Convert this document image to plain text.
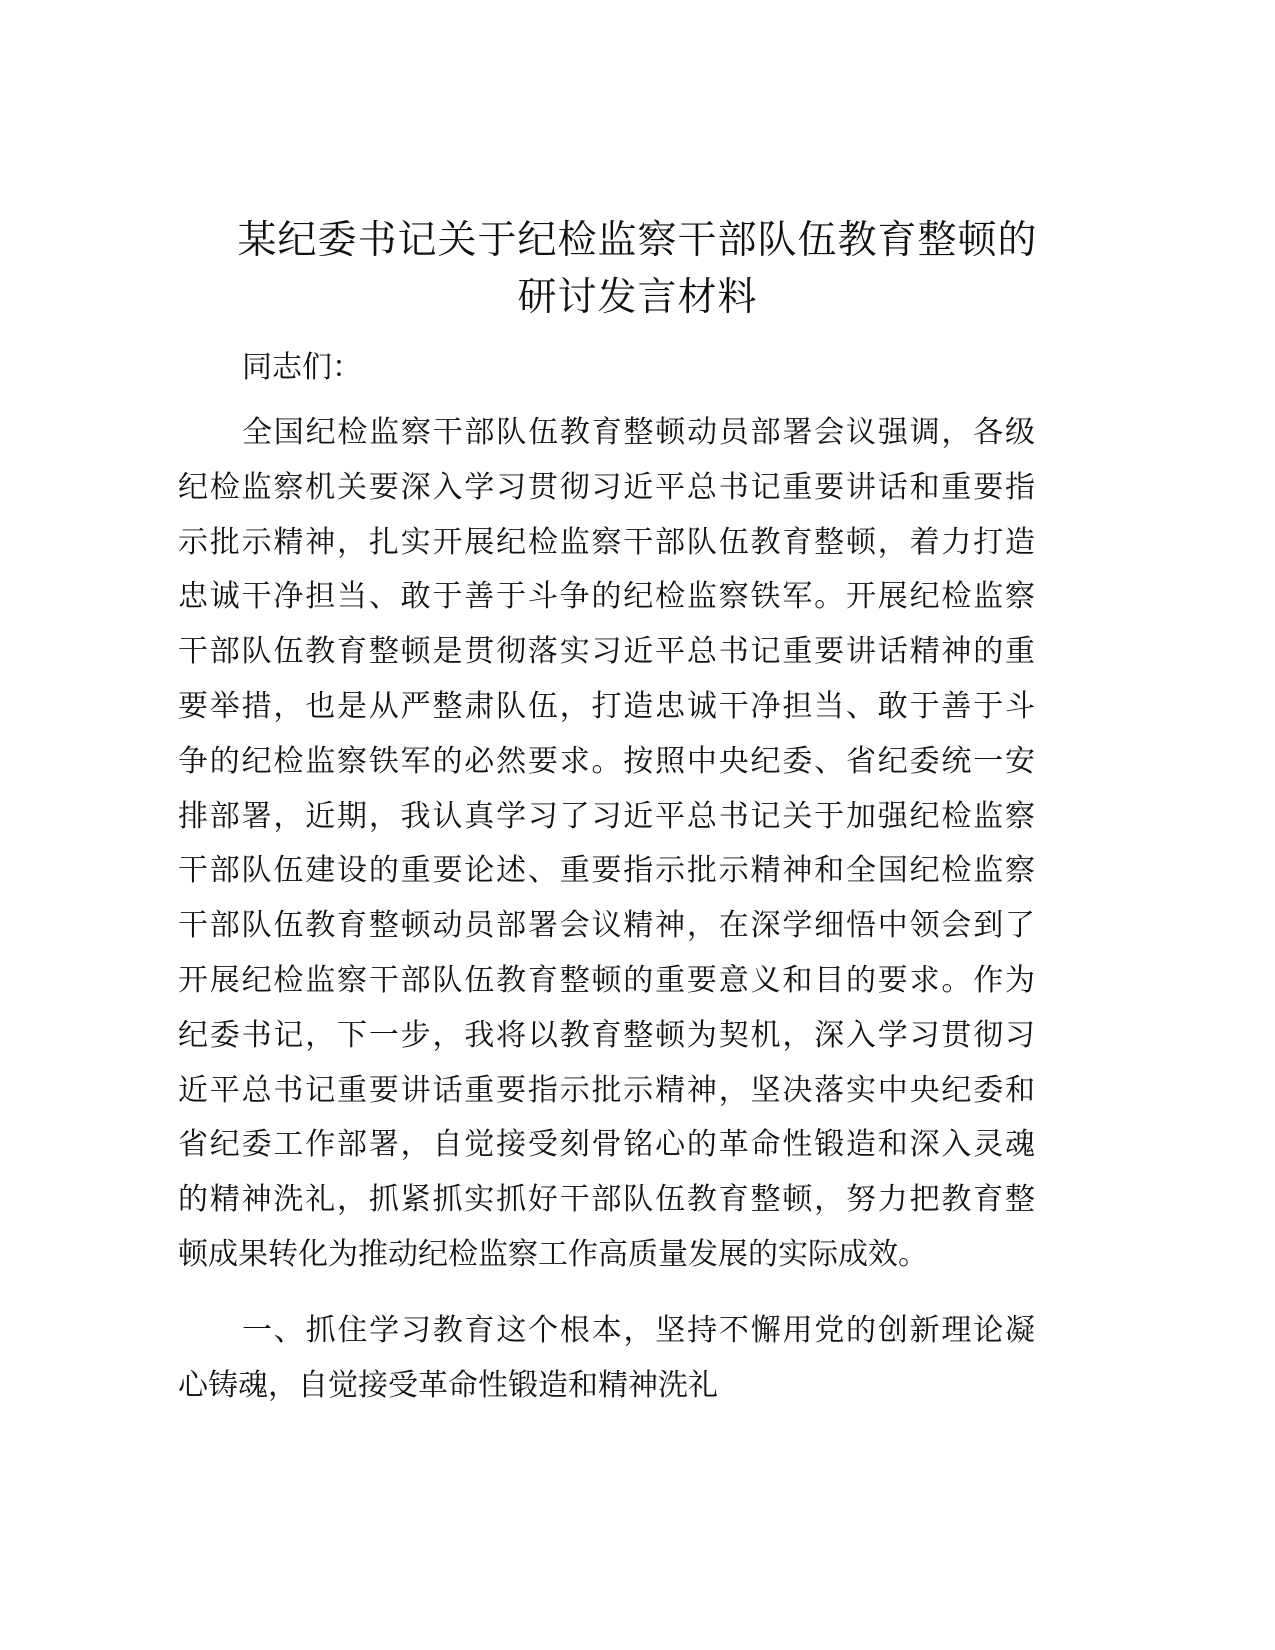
某纪委书记关于纪检监察干部队伍教育整顿的
研讨发言材料
同志们：
全国纪检监察干部队伍教育整顿动员部署会议强调，各级
纪检监察机关要深入学习贯彻习近平总书记重要讲话和重要指
示批示精神，扎实开展纪检监察干部队伍教育整顿，着力打造
忠诚干净担当、敢于善于斗争的纪检监察铁军。开展纪检监察
干部队伍教育整顿是贯彻落实习近平总书记重要讲话精神的重
要举措，也是从严整肃队伍，打造忠诚干净担当、敢于善于斗
争的纪检监察铁军的必然要求。按照中央纪委、省纪委统一安
排部署，近期，我认真学习了习近平总书记关于加强纪检监察
干部队伍建设的重要论述、重要指示批示精神和全国纪检监察
干部队伍教育整顿动员部署会议精神，在深学细悟中领会到了
开展纪检监察干部队伍教育整顿的重要意义和目的要求。作为
纪委书记，下一步，我将以教育整顿为契机，深入学习贯彻习
近平总书记重要讲话重要指示批示精神，坚决落实中央纪委和
省纪委工作部署，自觉接受刻骨铭心的革命性锻造和深入灵魂
的精神洗礼，抓紧抓实抓好干部队伍教育整顿，努力把教育整
顿成果转化为推动纪检监察工作高质量发展的实际成效。
一、抓住学习教育这个根本，坚持不懈用党的创新理论凝
心铸魂，自觉接受革命性锻造和精神洗礼
